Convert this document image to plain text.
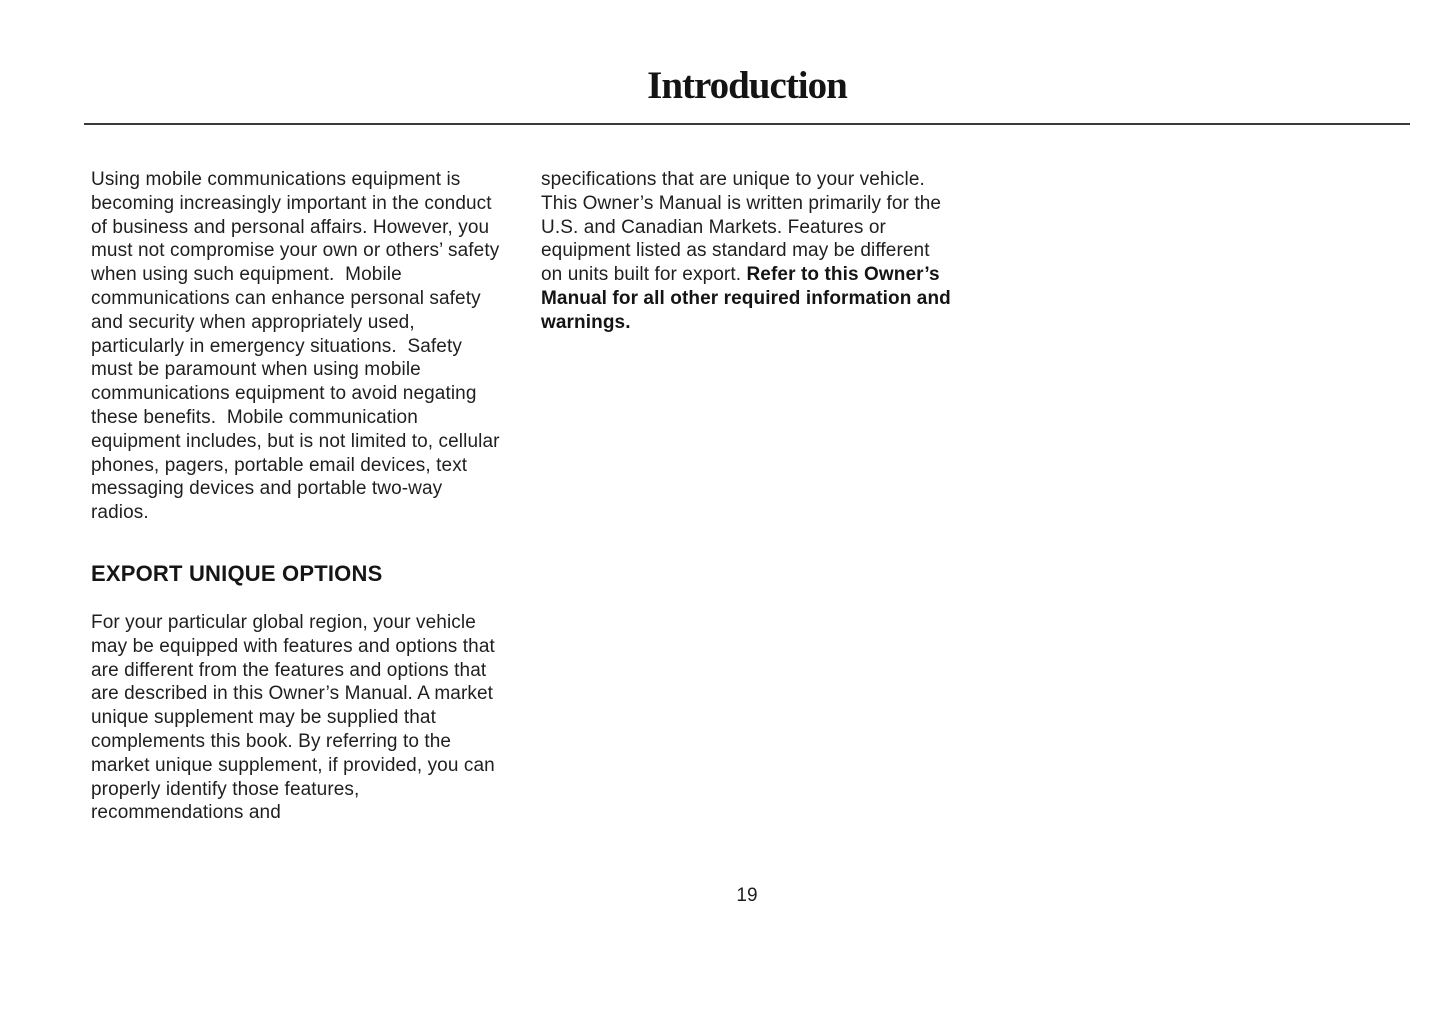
Introduction

Using mobile communications equipment is becoming increasingly important in the conduct of business and personal affairs. However, you must not compromise your own or others’ safety when using such equipment.  Mobile communications can enhance personal safety and security when appropriately used, particularly in emergency situations.  Safety must be paramount when using mobile communications equipment to avoid negating these benefits.  Mobile communication equipment includes, but is not limited to, cellular phones, pagers, portable email devices, text messaging devices and portable two-way radios.

EXPORT UNIQUE OPTIONS

For your particular global region, your vehicle may be equipped with features and options that are different from the features and options that are described in this Owner’s Manual. A market unique supplement may be supplied that complements this book. By referring to the market unique supplement, if provided, you can properly identify those features, recommendations and

specifications that are unique to your vehicle. This Owner’s Manual is written primarily for the U.S. and Canadian Markets. Features or equipment listed as standard may be different on units built for export. Refer to this Owner’s Manual for all other required information and warnings.

19
